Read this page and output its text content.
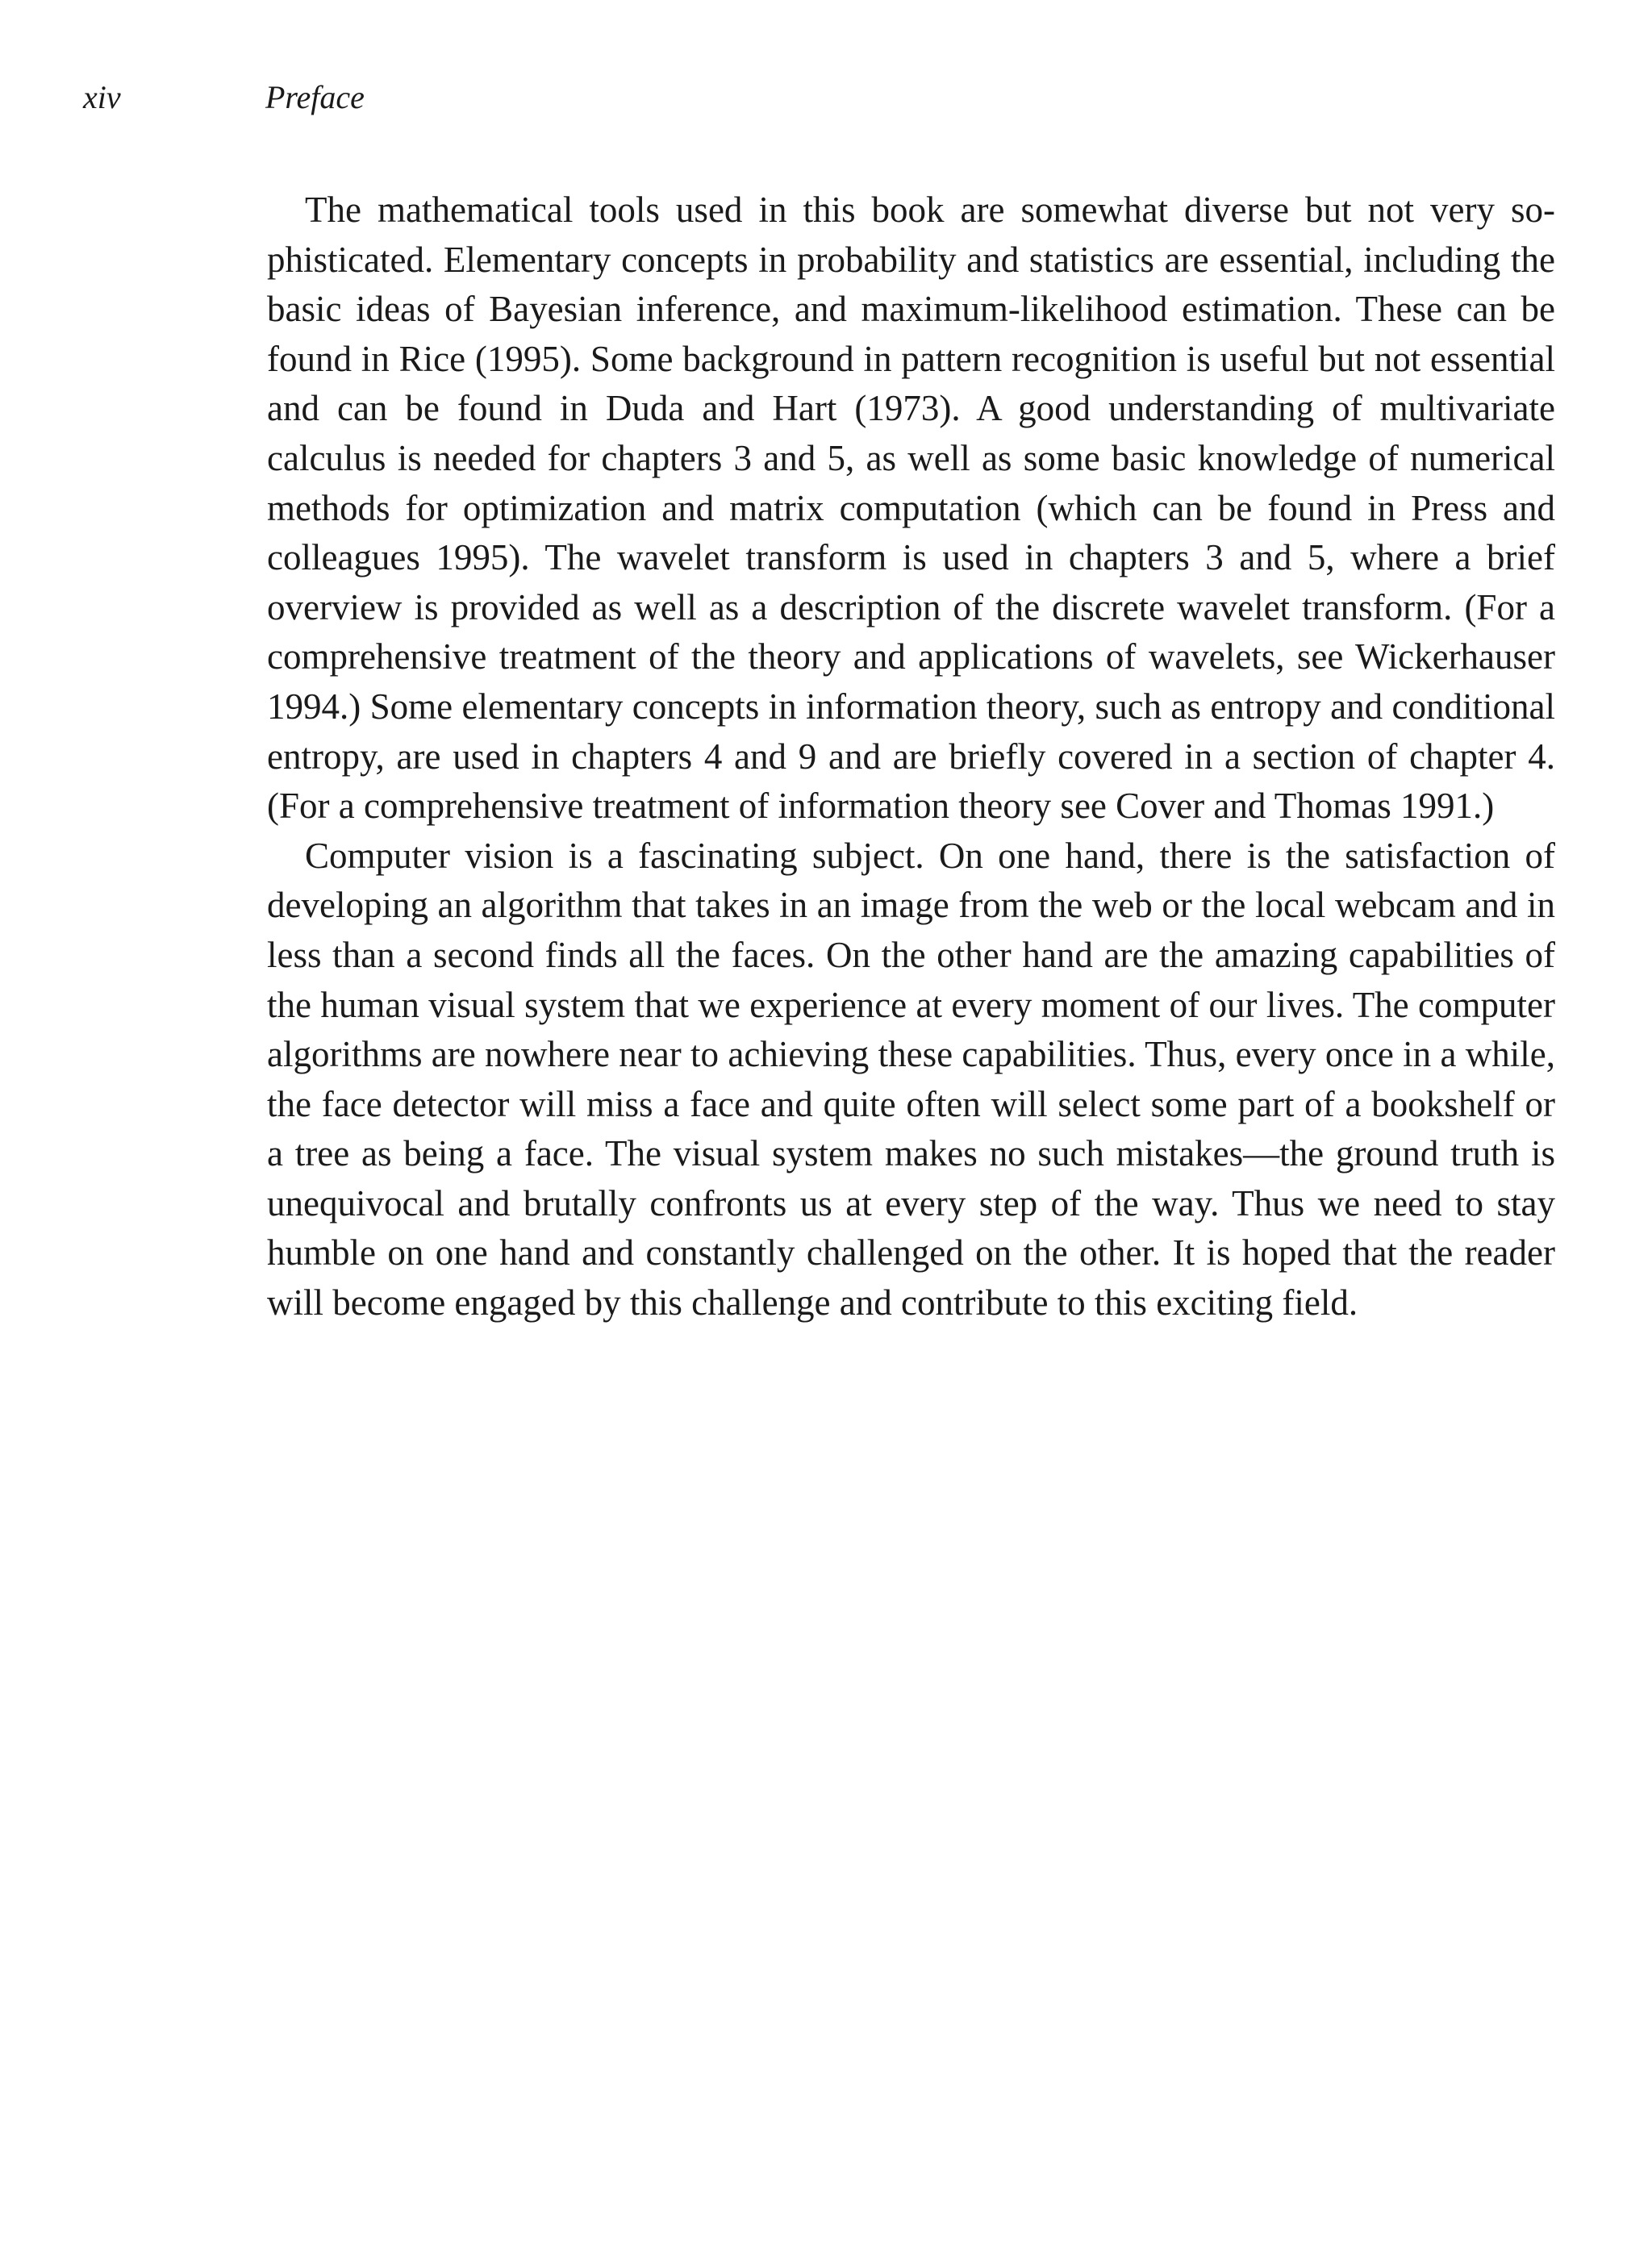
xiv	Preface

The mathematical tools used in this book are somewhat diverse but not very sophisticated. Elementary concepts in probability and statistics are essential, including the basic ideas of Bayesian inference, and maximum-likelihood estimation. These can be found in Rice (1995). Some background in pattern recognition is useful but not essential and can be found in Duda and Hart (1973). A good understanding of multivariate calculus is needed for chapters 3 and 5, as well as some basic knowledge of numerical methods for optimization and matrix computation (which can be found in Press and colleagues 1995). The wavelet transform is used in chapters 3 and 5, where a brief overview is provided as well as a description of the discrete wavelet transform. (For a comprehensive treatment of the theory and applications of wavelets, see Wickerhauser 1994.) Some elementary concepts in information theory, such as entropy and conditional entropy, are used in chapters 4 and 9 and are briefly covered in a section of chapter 4. (For a comprehensive treatment of information theory see Cover and Thomas 1991.)

Computer vision is a fascinating subject. On one hand, there is the satisfaction of developing an algorithm that takes in an image from the web or the local webcam and in less than a second finds all the faces. On the other hand are the amazing capabilities of the human visual system that we experience at every moment of our lives. The computer algorithms are nowhere near to achieving these capabilities. Thus, every once in a while, the face detector will miss a face and quite often will select some part of a bookshelf or a tree as being a face. The visual system makes no such mistakes—the ground truth is unequivocal and brutally confronts us at every step of the way. Thus we need to stay humble on one hand and constantly challenged on the other. It is hoped that the reader will become engaged by this challenge and contribute to this exciting field.
